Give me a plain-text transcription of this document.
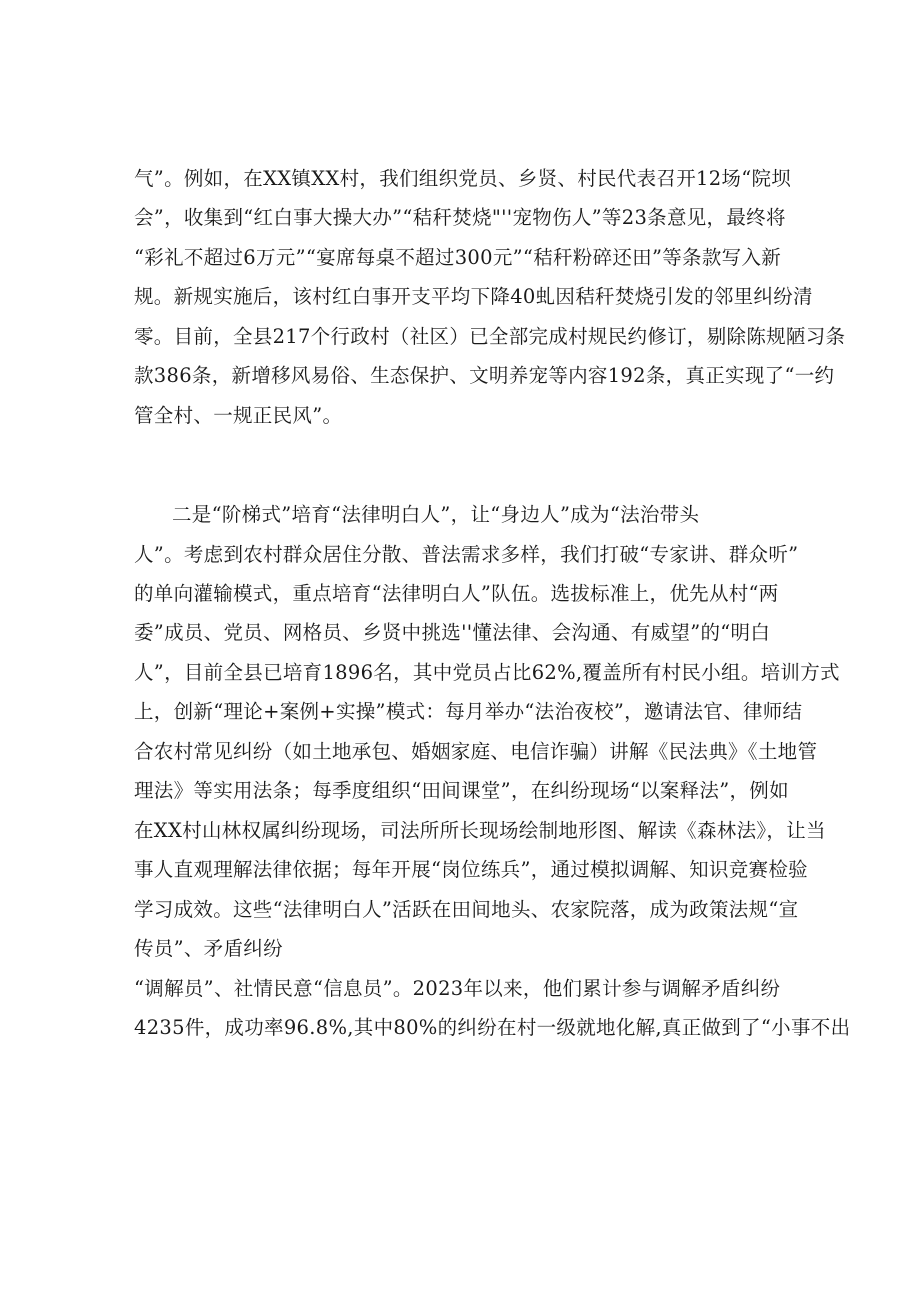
气”。例如，在XX镇XX村，我们组织党员、乡贤、村民代表召开12场“院坝
会”，收集到“红白事大操大办”“秸秆焚烧"''宠物伤人”等23条意见，最终将
“彩礼不超过6万元”“宴席每桌不超过300元”“秸秆粉碎还田”等条款写入新
规。新规实施后，该村红白事开支平均下降40虬因秸秆焚烧引发的邻里纠纷清
零。目前，全县217个行政村（社区）已全部完成村规民约修订，剔除陈规陋习条
款386条，新增移风易俗、生态保护、文明养宠等内容192条，真正实现了“一约
管全村、一规正民风”。
二是“阶梯式”培育“法律明白人”，让“身边人”成为“法治带头
人”。考虑到农村群众居住分散、普法需求多样，我们打破“专家讲、群众听”
的单向灌输模式，重点培育“法律明白人”队伍。选拔标准上，优先从村“两
委”成员、党员、网格员、乡贤中挑选''懂法律、会沟通、有威望”的“明白
人”，目前全县已培育1896名，其中党员占比62%,覆盖所有村民小组。培训方式
上，创新“理论+案例+实操”模式：每月举办“法治夜校”，邀请法官、律师结
合农村常见纠纷（如土地承包、婚姻家庭、电信诈骗）讲解《民法典》《土地管
理法》等实用法条；每季度组织“田间课堂”，在纠纷现场“以案释法”，例如
在XX村山林权属纠纷现场，司法所所长现场绘制地形图、解读《森林法》，让当
事人直观理解法律依据；每年开展“岗位练兵”，通过模拟调解、知识竞赛检验
学习成效。这些“法律明白人”活跃在田间地头、农家院落，成为政策法规“宣
传员”、矛盾纠纷
“调解员”、社情民意“信息员”。2023年以来，他们累计参与调解矛盾纠纷
4235件，成功率96.8%,其中80%的纠纷在村一级就地化解,真正做到了“小事不出
